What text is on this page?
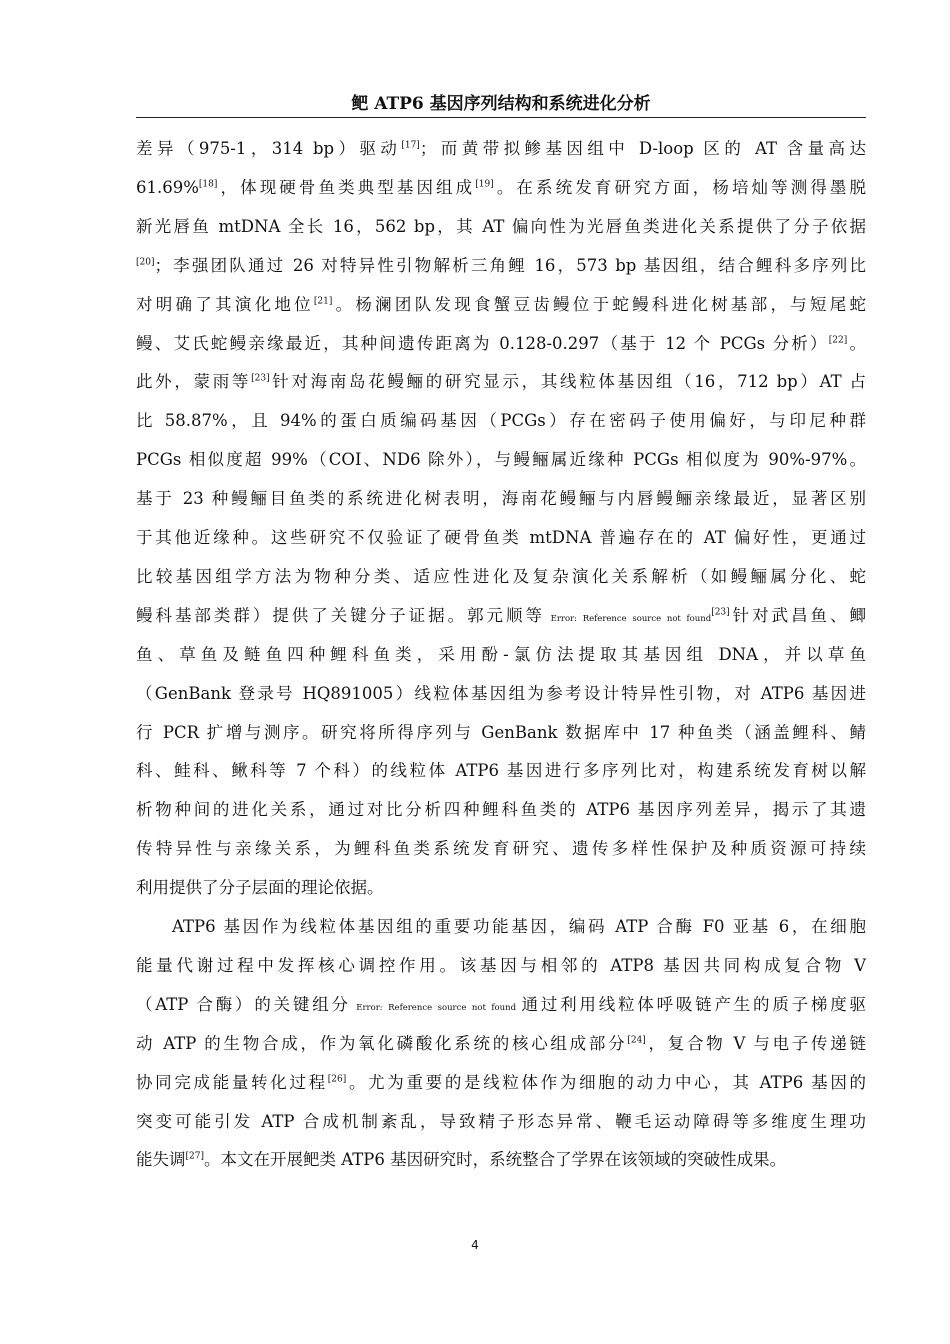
鲃 ATP6 基因序列结构和系统进化分析
差异（975-1，314 bp）驱动[17]；而黄带拟鲹基因组中 D-loop 区的 AT 含量高达
61.69%[18]，体现硬骨鱼类典型基因组成[19]。在系统发育研究方面，杨培灿等测得墨脱
新光唇鱼 mtDNA 全长 16，562 bp，其 AT 偏向性为光唇鱼类进化关系提供了分子依据
[20]；李强团队通过 26 对特异性引物解析三角鲤 16，573 bp 基因组，结合鲤科多序列比
对明确了其演化地位[21]。杨澜团队发现食蟹豆齿鳗位于蛇鳗科进化树基部，与短尾蛇
鳗、艾氏蛇鳗亲缘最近，其种间遗传距离为 0.128-0.297（基于 12 个 PCGs 分析）[22]。
此外，蒙雨等[23]针对海南岛花鳗鲡的研究显示，其线粒体基因组（16，712 bp）AT 占
比 58.87%，且 94%的蛋白质编码基因（PCGs）存在密码子使用偏好，与印尼种群
PCGs 相似度超 99%（COI、ND6 除外），与鳗鲡属近缘种 PCGs 相似度为 90%-97%。
基于 23 种鳗鲡目鱼类的系统进化树表明，海南花鳗鲡与内唇鳗鲡亲缘最近，显著区别
于其他近缘种。这些研究不仅验证了硬骨鱼类 mtDNA 普遍存在的 AT 偏好性，更通过
比较基因组学方法为物种分类、适应性进化及复杂演化关系解析（如鳗鲡属分化、蛇
鳗科基部类群）提供了关键分子证据。郭元顺等 Error: Reference source not found[23]针对武昌鱼、鲫
鱼、草鱼及鲢鱼四种鲤科鱼类，采用酚-氯仿法提取其基因组 DNA，并以草鱼
（GenBank 登录号 HQ891005）线粒体基因组为参考设计特异性引物，对 ATP6 基因进
行 PCR 扩增与测序。研究将所得序列与 GenBank 数据库中 17 种鱼类（涵盖鲤科、鲭
科、鲑科、鳅科等 7 个科）的线粒体 ATP6 基因进行多序列比对，构建系统发育树以解
析物种间的进化关系，通过对比分析四种鲤科鱼类的 ATP6 基因序列差异，揭示了其遗
传特异性与亲缘关系，为鲤科鱼类系统发育研究、遗传多样性保护及种质资源可持续
利用提供了分子层面的理论依据。
ATP6 基因作为线粒体基因组的重要功能基因，编码 ATP 合酶 F0 亚基 6，在细胞
能量代谢过程中发挥核心调控作用。该基因与相邻的 ATP8 基因共同构成复合物 V
（ATP 合酶）的关键组分 Error: Reference source not found 通过利用线粒体呼吸链产生的质子梯度驱
动 ATP 的生物合成，作为氧化磷酸化系统的核心组成部分[24]，复合物 V 与电子传递链
协同完成能量转化过程[26]。尤为重要的是线粒体作为细胞的动力中心，其 ATP6 基因的
突变可能引发 ATP 合成机制紊乱，导致精子形态异常、鞭毛运动障碍等多维度生理功
能失调[27]。本文在开展鲃类 ATP6 基因研究时，系统整合了学界在该领域的突破性成果。
4
